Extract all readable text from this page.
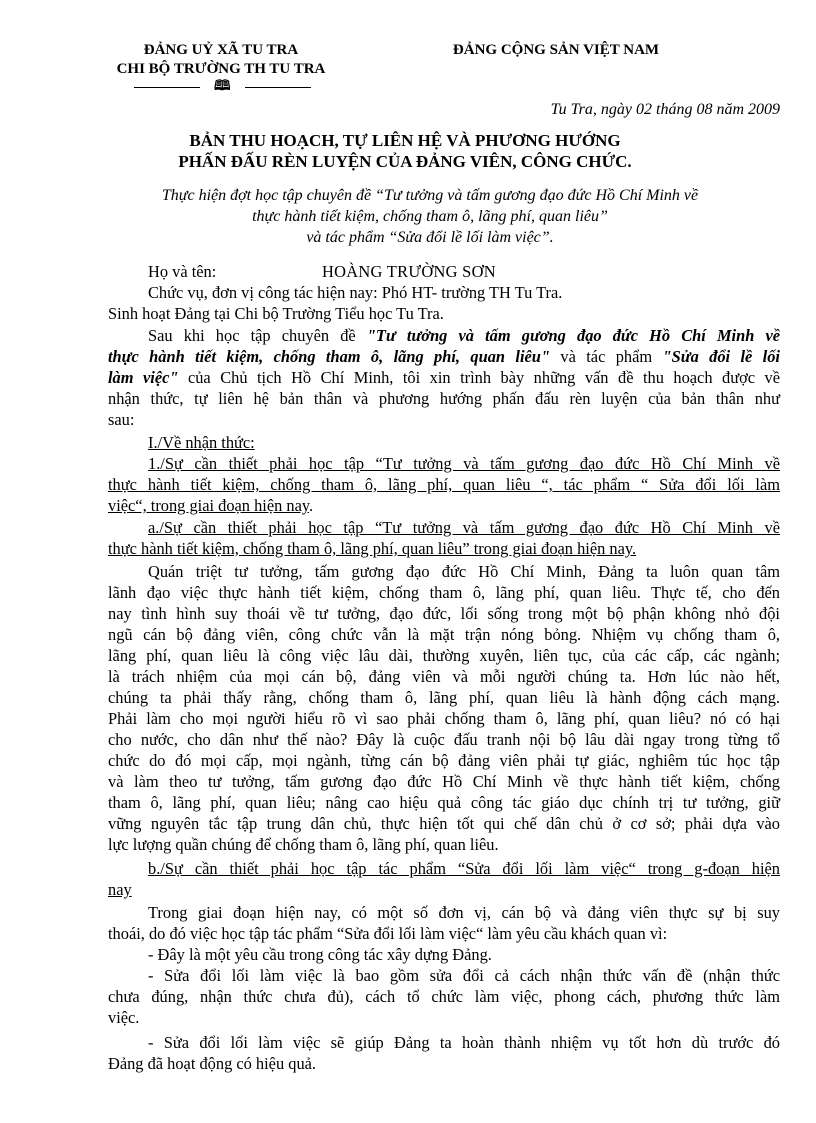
ĐẢNG UỶ XÃ TU TRA
CHI BỘ TRƯỜNG TH TU TRA
🕮
ĐẢNG CỘNG SẢN VIỆT NAM
Tu Tra, ngày 02 tháng 08 năm 2009
BẢN THU HOẠCH, TỰ LIÊN HỆ VÀ PHƯƠNG HƯỚNG
PHẤN ĐẤU RÈN LUYỆN CỦA ĐẢNG VIÊN, CÔNG CHỨC.
Thực hiện đợt học tập chuyên đề “Tư tưởng và tấm gương đạo đức Hồ Chí Minh về
thực hành tiết kiệm, chống tham ô, lãng phí, quan liêu”
và tác phẩm “Sửa đổi lề lối làm việc”.
Họ và tên:	HOÀNG TRƯỜNG SƠN
Chức vụ, đơn vị công tác hiện nay: Phó HT- trường TH Tu Tra.
Sinh hoạt Đảng tại Chi bộ Trường Tiểu học Tu Tra.
Sau khi học tập chuyên đề "Tư tưởng và tấm gương đạo đức Hồ Chí Minh về
thực hành tiết kiệm, chống tham ô, lãng phí, quan liêu" và tác phẩm "Sửa đổi lề lối
làm việc" của Chủ tịch Hồ Chí Minh, tôi xin trình bày những vấn đề thu hoạch được về
nhận thức, tự liên hệ bản thân và phương hướng phấn đấu rèn luyện của bản thân như
sau:
I./Về nhận thức:
1./Sự cần thiết phải học tập “Tư tưởng và tấm gương đạo đức Hồ Chí Minh về
thực hành tiết kiệm, chống tham ô, lãng phí, quan liêu “, tác phẩm “ Sửa đổi lối làm
việc“, trong giai đoạn hiện nay.
a./Sự cần thiết phải học tập “Tư tưởng và tấm gương đạo đức Hồ Chí Minh về
thực hành tiết kiệm, chống tham ô, lãng phí, quan liêu” trong giai đoạn hiện nay.
Quán triệt tư tưởng, tấm gương đạo đức Hồ Chí Minh, Đảng ta luôn quan tâm
lãnh đạo việc thực hành tiết kiệm, chống tham ô, lãng phí, quan liêu. Thực tế, cho đến
nay tình hình suy thoái về tư tưởng, đạo đức, lối sống trong một bộ phận không nhỏ đội
ngũ cán bộ đảng viên, công chức vẫn là mặt trận nóng bỏng. Nhiệm vụ chống tham ô,
lãng phí, quan liêu là công việc lâu dài, thường xuyên, liên tục, của các cấp, các ngành;
là trách nhiệm của mọi cán bộ, đảng viên và mỗi người chúng ta. Hơn lúc nào hết,
chúng ta phải thấy rằng, chống tham ô, lãng phí, quan liêu là hành động cách mạng.
Phải làm cho mọi người hiểu rõ vì sao phải chống tham ô, lãng phí, quan liêu? nó có hại
cho nước, cho dân như thế nào? Đây là cuộc đấu tranh nội bộ lâu dài ngay trong từng tổ
chức do đó mọi cấp, mọi ngành, từng cán bộ đảng viên phải tự giác, nghiêm túc học tập
và làm theo tư tưởng, tấm gương đạo đức Hồ Chí Minh về thực hành tiết kiệm, chống
tham ô, lãng phí, quan liêu; nâng cao hiệu quả công tác giáo dục chính trị tư tưởng, giữ
vững nguyên tắc tập trung dân chủ, thực hiện tốt qui chế dân chủ ở cơ sở; phải dựa vào
lực lượng quần chúng để chống tham ô, lãng phí, quan liêu.
b./Sự cần thiết phải học tập tác phẩm “Sửa đổi lối làm việc“ trong g-đoạn hiện
nay
Trong giai đoạn hiện nay, có một số đơn vị, cán bộ và đảng viên thực sự bị suy
thoái, do đó việc học tập tác phẩm “Sửa đổi lối làm việc“ làm yêu cầu khách quan vì:
- Đây là một yêu cầu trong công tác xây dựng Đảng.
- Sửa đổi lối làm việc là bao gồm sửa đổi cả cách nhận thức vấn đề (nhận thức
chưa đúng, nhận thức chưa đủ), cách tổ chức làm việc, phong cách, phương thức làm
việc.
- Sửa đổi lối làm việc sẽ giúp Đảng ta hoàn thành nhiệm vụ tốt hơn dù trước đó
Đảng đã hoạt động có hiệu quả.
